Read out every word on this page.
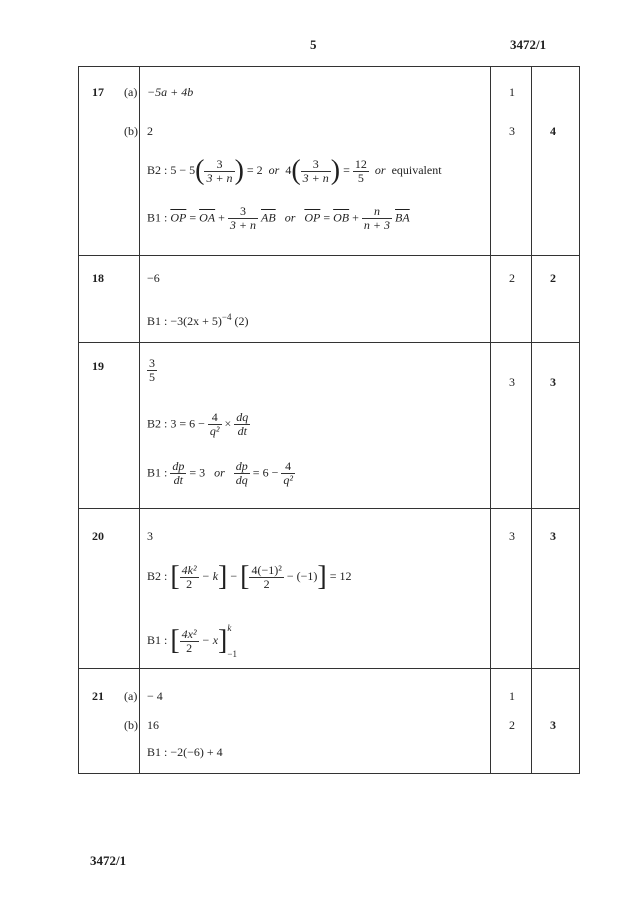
5	3472/1
17 (a) −5a + 4b	1
(b) 2	3	4
B2 : $5 - 5( \frac{3}{3 + n}$ ) = 2 or $4( \frac{3}{3 + n}$ ) = $\frac{12}{5}$ or equivalent
B1 : $\overline{OP} = \overline{OA} + \frac{3}{3 + n} \overline{AB}$ or $\overline{OP} = \overline{OB} + \frac{n}{n + 3} \overline{BA}$
18	−6	2	2
B1 : $-3(2x + 5)^{-4}$ (2)
19	$\frac{3}{5}$	3	3
B2 : $3 = 6 - \frac{4}{\text{q²}} \times \frac{dq}{dt}$
B1 : $\frac{dp}{dt} = 3$ or $\frac{dp}{dq} = 6 - \frac{4}{\text{q²}}$
20	3	3	3
B2 : [ $\frac{\text{4k²}}{2} - k$] − [ $\frac{\text{4(−1)²}}{2} - (-1)] = 12$
B1 : [ $\frac{\text{4x²}}{2} - x$] k
−1
21 (a) − 4	1
(b) 16	2	3
B1 : −2(−6) + 4
3472/1
